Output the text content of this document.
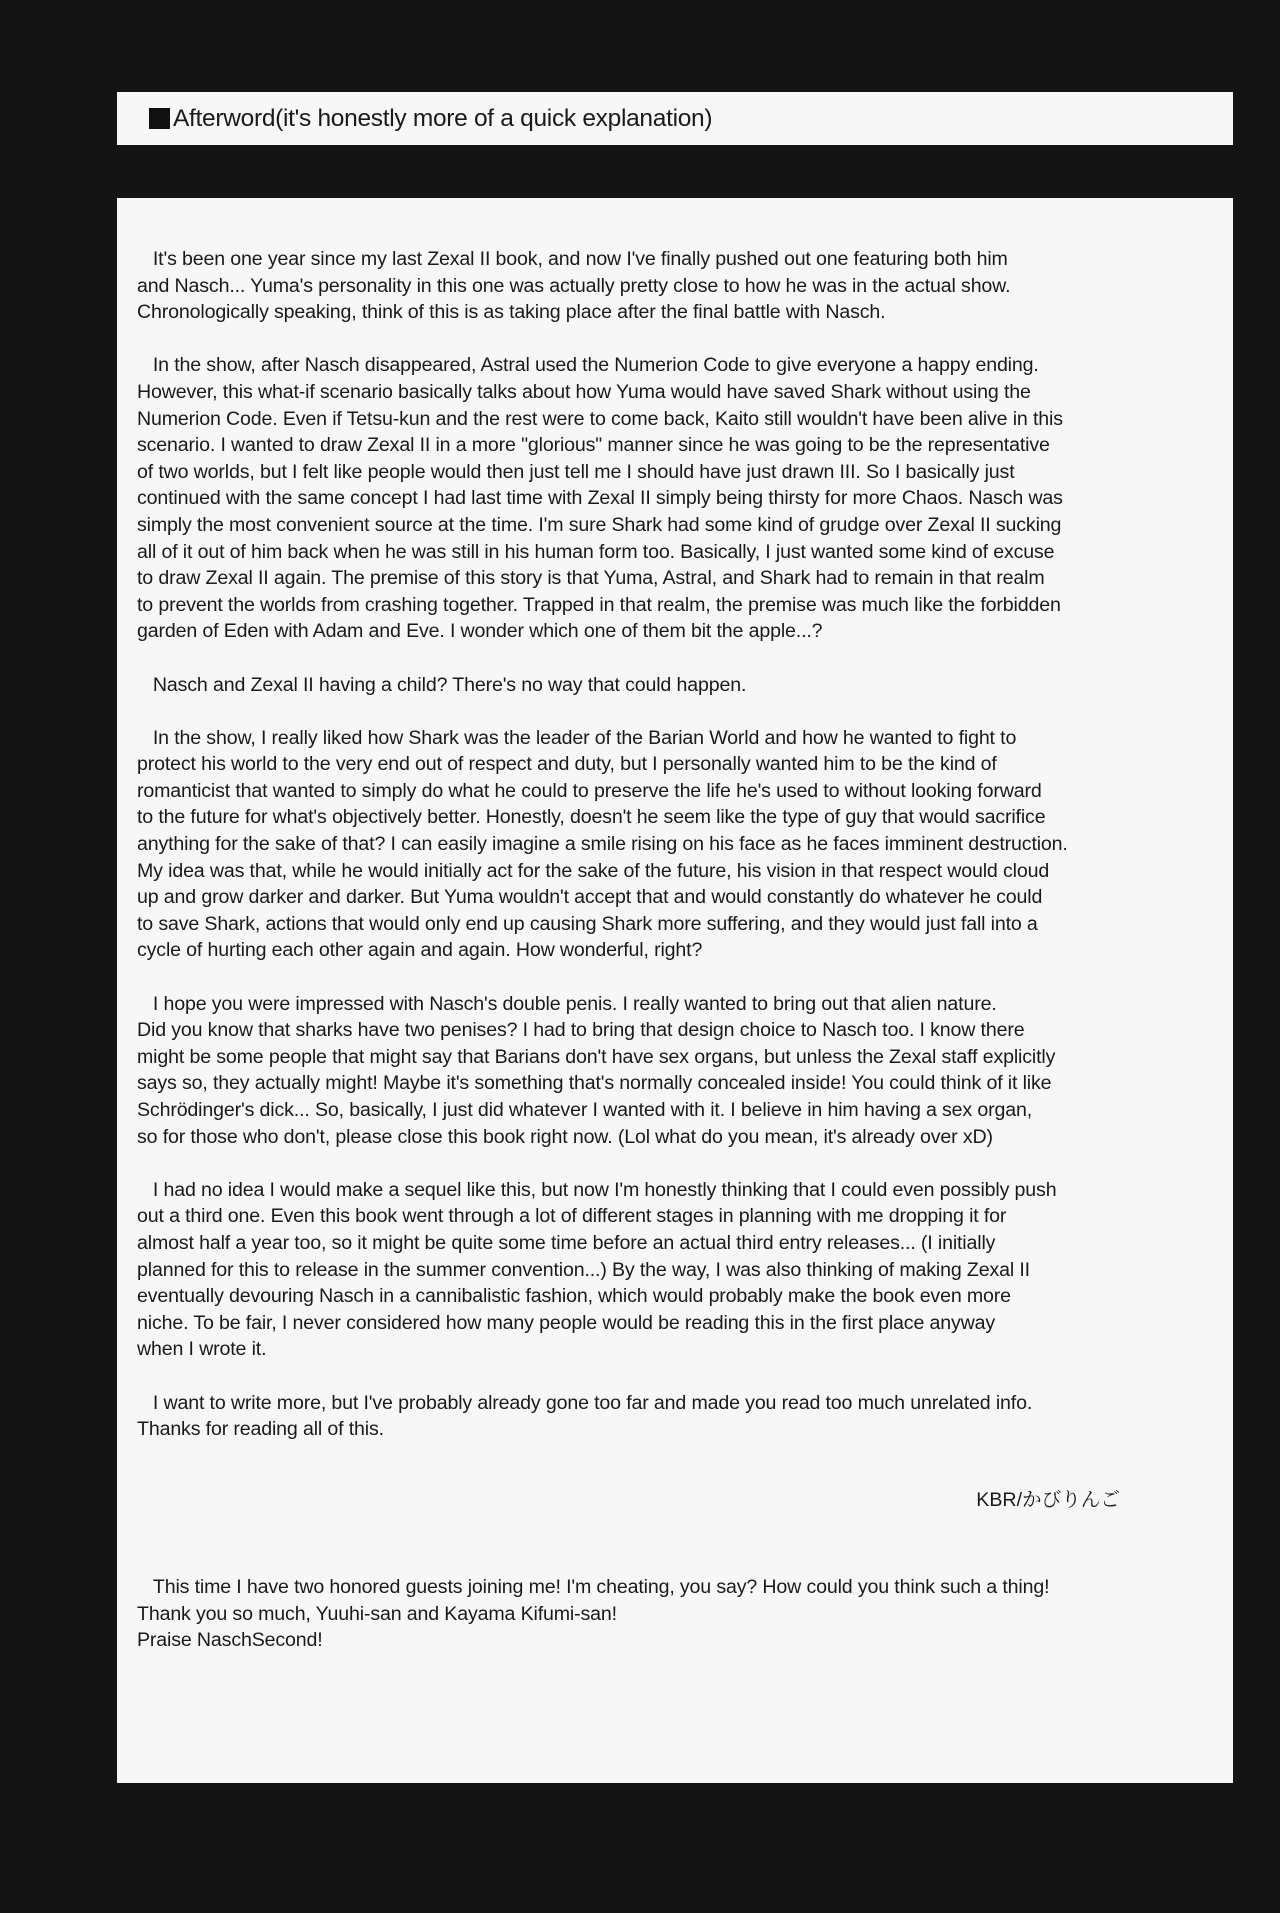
Afterword(it's honestly more of a quick explanation)

It's been one year since my last Zexal II book, and now I've finally pushed out one featuring both him
and Nasch... Yuma's personality in this one was actually pretty close to how he was in the actual show.
Chronologically speaking, think of this is as taking place after the final battle with Nasch.

In the show, after Nasch disappeared, Astral used the Numerion Code to give everyone a happy ending.
However, this what-if scenario basically talks about how Yuma would have saved Shark without using the
Numerion Code. Even if Tetsu-kun and the rest were to come back, Kaito still wouldn't have been alive in this
scenario. I wanted to draw Zexal II in a more "glorious" manner since he was going to be the representative
of two worlds, but I felt like people would then just tell me I should have just drawn III. So I basically just
continued with the same concept I had last time with Zexal II simply being thirsty for more Chaos. Nasch was
simply the most convenient source at the time. I'm sure Shark had some kind of grudge over Zexal II sucking
all of it out of him back when he was still in his human form too. Basically, I just wanted some kind of excuse
to draw Zexal II again. The premise of this story is that Yuma, Astral, and Shark had to remain in that realm
to prevent the worlds from crashing together. Trapped in that realm, the premise was much like the forbidden
garden of Eden with Adam and Eve. I wonder which one of them bit the apple...?

Nasch and Zexal II having a child? There's no way that could happen.

In the show, I really liked how Shark was the leader of the Barian World and how he wanted to fight to
protect his world to the very end out of respect and duty, but I personally wanted him to be the kind of
romanticist that wanted to simply do what he could to preserve the life he's used to without looking forward
to the future for what's objectively better. Honestly, doesn't he seem like the type of guy that would sacrifice
anything for the sake of that? I can easily imagine a smile rising on his face as he faces imminent destruction.
My idea was that, while he would initially act for the sake of the future, his vision in that respect would cloud
up and grow darker and darker. But Yuma wouldn't accept that and would constantly do whatever he could
to save Shark, actions that would only end up causing Shark more suffering, and they would just fall into a
cycle of hurting each other again and again. How wonderful, right?

I hope you were impressed with Nasch's double penis. I really wanted to bring out that alien nature.
Did you know that sharks have two penises? I had to bring that design choice to Nasch too. I know there
might be some people that might say that Barians don't have sex organs, but unless the Zexal staff explicitly
says so, they actually might! Maybe it's something that's normally concealed inside! You could think of it like
Schrödinger's dick... So, basically, I just did whatever I wanted with it. I believe in him having a sex organ,
so for those who don't, please close this book right now. (Lol what do you mean, it's already over xD)

I had no idea I would make a sequel like this, but now I'm honestly thinking that I could even possibly push
out a third one. Even this book went through a lot of different stages in planning with me dropping it for
almost half a year too, so it might be quite some time before an actual third entry releases... (I initially
planned for this to release in the summer convention...) By the way, I was also thinking of making Zexal II
eventually devouring Nasch in a cannibalistic fashion, which would probably make the book even more
niche. To be fair, I never considered how many people would be reading this in the first place anyway
when I wrote it.

I want to write more, but I've probably already gone too far and made you read too much unrelated info.
Thanks for reading all of this.

KBR/かびりんご

This time I have two honored guests joining me! I'm cheating, you say? How could you think such a thing!
Thank you so much, Yuuhi-san and Kayama Kifumi-san!
Praise NaschSecond!
